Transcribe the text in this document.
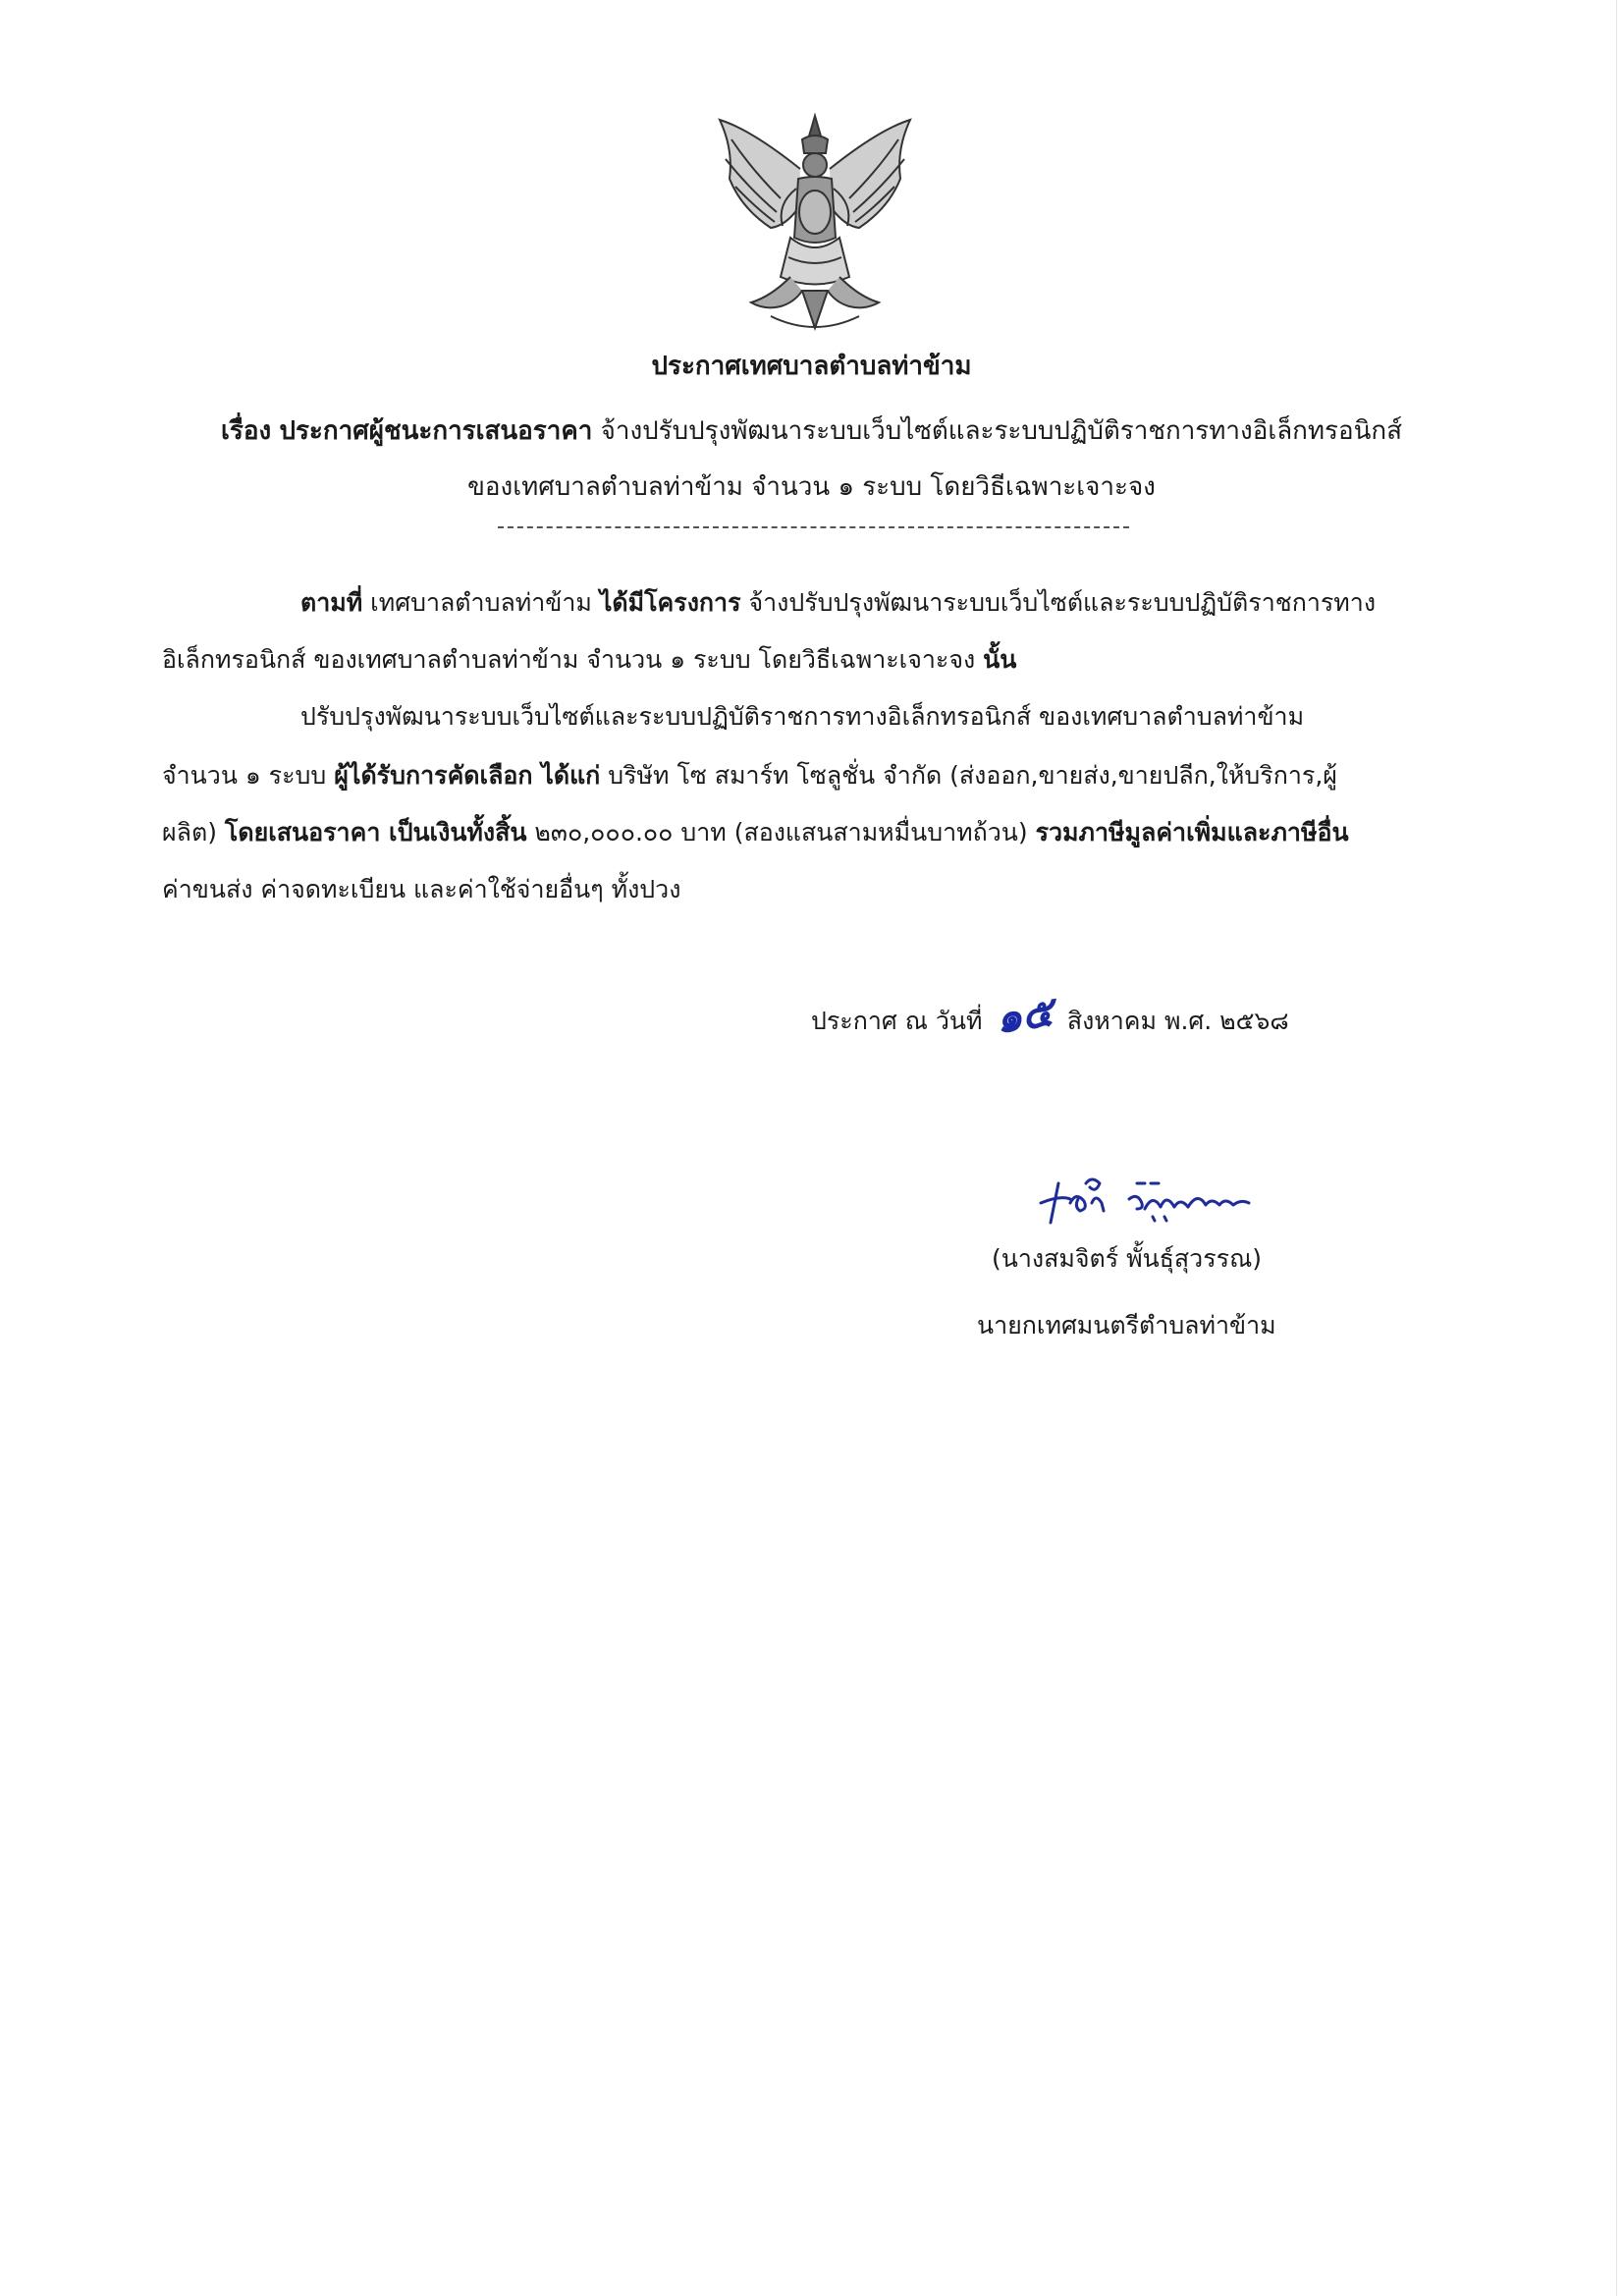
ประกาศเทศบาลตำบลท่าข้าม
เรื่อง ประกาศผู้ชนะการเสนอราคา จ้างปรับปรุงพัฒนาระบบเว็บไซต์และระบบปฏิบัติราชการทางอิเล็กทรอนิกส์
ของเทศบาลตำบลท่าข้าม จำนวน ๑ ระบบ โดยวิธีเฉพาะเจาะจง
ตามที่ เทศบาลตำบลท่าข้าม ได้มีโครงการ จ้างปรับปรุงพัฒนาระบบเว็บไซต์และระบบปฏิบัติราชการทาง
อิเล็กทรอนิกส์ ของเทศบาลตำบลท่าข้าม จำนวน ๑ ระบบ โดยวิธีเฉพาะเจาะจง นั้น
ปรับปรุงพัฒนาระบบเว็บไซต์และระบบปฏิบัติราชการทางอิเล็กทรอนิกส์ ของเทศบาลตำบลท่าข้าม
จำนวน ๑ ระบบ ผู้ได้รับการคัดเลือก ได้แก่ บริษัท โซ สมาร์ท โซลูชั่น จำกัด (ส่งออก,ขายส่ง,ขายปลีก,ให้บริการ,ผู้
ผลิต) โดยเสนอราคา เป็นเงินทั้งสิ้น ๒๓๐,๐๐๐.๐๐ บาท (สองแสนสามหมื่นบาทถ้วน) รวมภาษีมูลค่าเพิ่มและภาษีอื่น
ค่าขนส่ง ค่าจดทะเบียน และค่าใช้จ่ายอื่นๆ ทั้งปวง
ประกาศ ณ วันที่ ๑๕ สิงหาคม พ.ศ. ๒๕๖๘
(นางสมจิตร์ พั้นธุ์สุวรรณ)
นายกเทศมนตรีตำบลท่าข้าม
